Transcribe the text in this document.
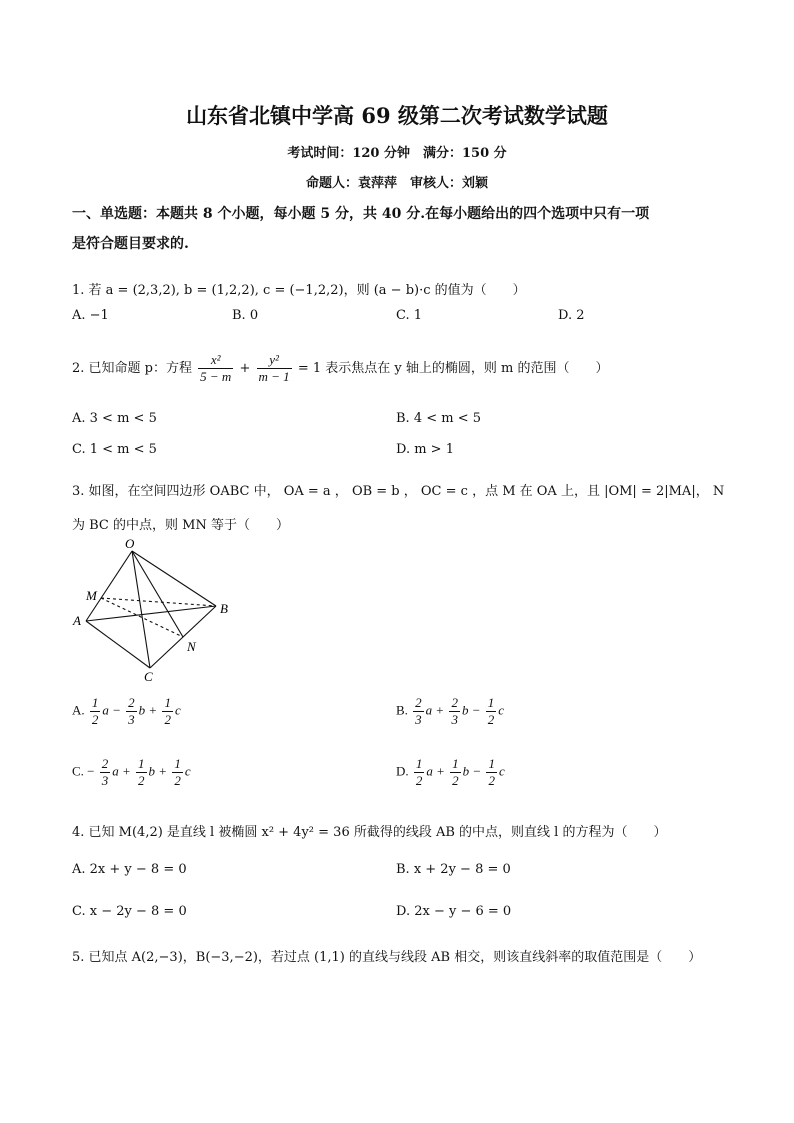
山东省北镇中学高 69 级第二次考试数学试题
考试时间：120 分钟　满分：150 分
命题人：袁萍萍　审核人：刘颖
一、单选题：本题共 8 个小题，每小题 5 分，共 40 分.在每小题给出的四个选项中只有一项
是符合题目要求的.
1. 若 a = (2,3,2), b = (1,2,2), c = (−1,2,2)，则 (a − b)·c 的值为（　　）
A. −1	B. 0	C. 1	D. 2
2. 已知命题 p：方程 $\frac{\text{x²}}{5 - m} + \frac{\text{y²}}{m - 1} = 1$ 表示焦点在 y 轴上的椭圆，则 m 的范围（　　）
A. 3 < m < 5	B. 4 < m < 5
C. 1 < m < 5	D. m > 1
3. 如图，在空间四边形 OABC 中， OA = a ， OB = b ， OC = c ，点 M 在 OA 上，且 |OM| = 2|MA|， N
为 BC 的中点，则 MN 等于（　　）
O
A
B
C
M
N
A. $\frac{1}{2}$ $a - \frac{2}{3}$ $b + \frac{1}{2}$ c	B. $\frac{2}{3}$ $a + \frac{2}{3}$ $b - \frac{1}{2}$ c
C. − $\frac{2}{3}$ $a + \frac{1}{2}$ $b + \frac{1}{2}$ c	D. $\frac{1}{2}$ $a + \frac{1}{2}$ $b - \frac{1}{2}$ c
4. 已知 M(4,2) 是直线 l 被椭圆 x² + 4y² = 36 所截得的线段 AB 的中点，则直线 l 的方程为（　　）
A. 2x + y − 8 = 0	B. x + 2y − 8 = 0
C. x − 2y − 8 = 0	D. 2x − y − 6 = 0
5. 已知点 A(2,−3)，B(−3,−2)，若过点 (1,1) 的直线与线段 AB 相交，则该直线斜率的取值范围是（　　）
